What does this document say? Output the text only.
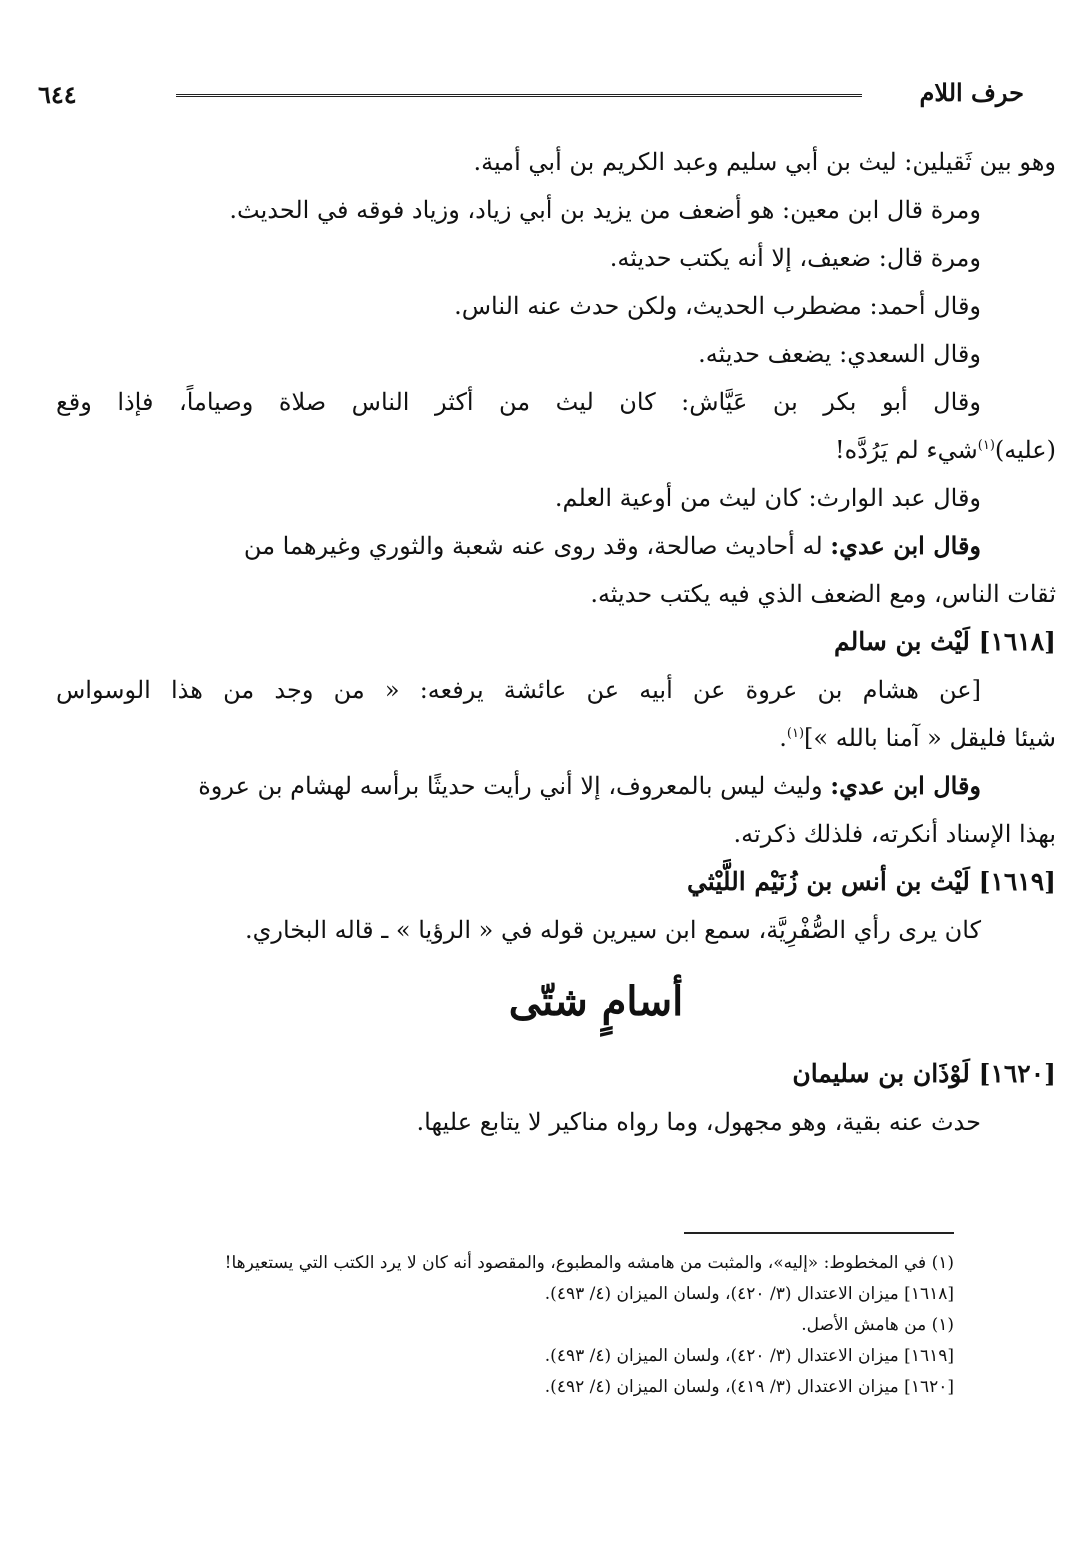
حرف اللام
٦٤٤
وهو بين ثَقيلين: ليث بن أبي سليم وعبد الكريم بن أبي أمية.
ومرة قال ابن معين: هو أضعف من يزيد بن أبي زياد، وزياد فوقه في الحديث.
ومرة قال: ضعيف، إلا أنه يكتب حديثه.
وقال أحمد: مضطرب الحديث، ولكن حدث عنه الناس.
وقال السعدي: يضعف حديثه.
وقال أبو بكر بن عَيَّاش: كان ليث من أكثر الناس صلاة وصياماً، فإذا وقع
(عليه)$^{(١)}$شيء لم يَرُدَّه!
وقال عبد الوارث: كان ليث من أوعية العلم.
وقال ابن عدي: له أحاديث صالحة، وقد روى عنه شعبة والثوري وغيرهما من
ثقات الناس، ومع الضعف الذي فيه يكتب حديثه.
[١٦١٨] لَيْث بن سالم
[عن هشام بن عروة عن أبيه عن عائشة يرفعه: « من وجد من هذا الوسواس
شيئا فليقل « آمنا بالله »]$^{(١)}$.
وقال ابن عدي: وليث ليس بالمعروف، إلا أني رأيت حديثًا برأسه لهشام بن عروة
بهذا الإسناد أنكرته، فلذلك ذكرته.
[١٦١٩] لَيْث بن أنس بن زُنَيْم اللَّيْثي
كان يرى رأي الصُّفْرِيَّة، سمع ابن سيرين قوله في « الرؤيا » ـ قاله البخاري.
أسامٍ شتّى
[١٦٢٠] لَوْذَان بن سليمان
حدث عنه بقية، وهو مجهول، وما رواه مناكير لا يتابع عليها.
(١) في المخطوط: «إليه»، والمثبت من هامشه والمطبوع، والمقصود أنه كان لا يرد الكتب التي يستعيرها!
[١٦١٨] ميزان الاعتدال (٣/ ٤٢٠)، ولسان الميزان (٤/ ٤٩٣).
(١) من هامش الأصل.
[١٦١٩] ميزان الاعتدال (٣/ ٤٢٠)، ولسان الميزان (٤/ ٤٩٣).
[١٦٢٠] ميزان الاعتدال (٣/ ٤١٩)، ولسان الميزان (٤/ ٤٩٢).
